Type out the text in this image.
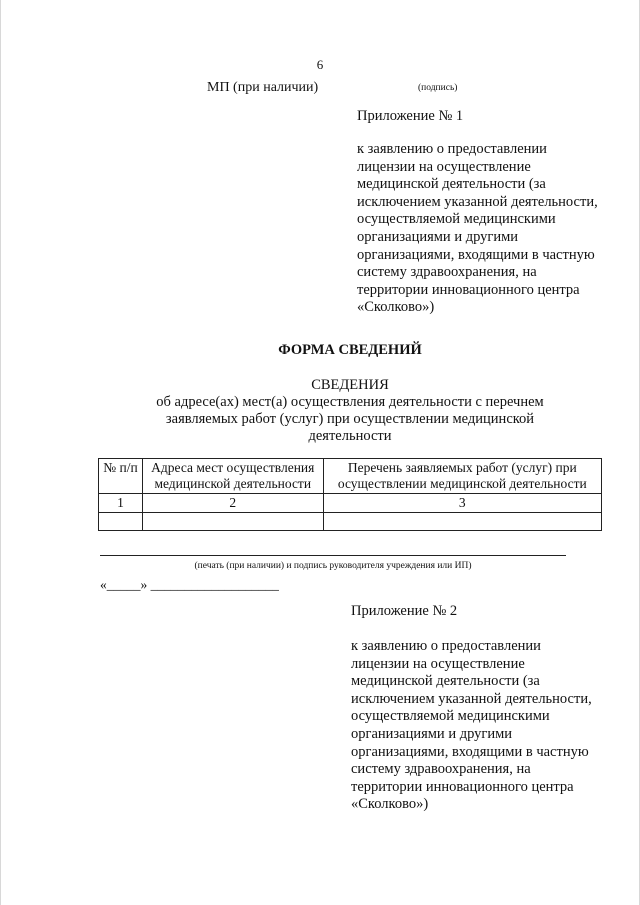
6
МП (при наличии)	(подпись)
Приложение № 1
к заявлению о предоставлении
лицензии на осуществление
медицинской деятельности (за
исключением указанной деятельности,
осуществляемой медицинскими
организациями и другими
организациями, входящими в частную
систему здравоохранения, на
территории инновационного центра
«Сколково»)
ФОРМА СВЕДЕНИЙ
СВЕДЕНИЯ
об адресе(ах) мест(а) осуществления деятельности с перечнем заявляемых работ (услуг) при осуществлении медицинской деятельности
№ п/п	Адреса мест осуществления медицинской деятельности	Перечень заявляемых работ (услуг) при осуществлении медицинской деятельности
1	2	3

(печать (при наличии) и подпись руководителя учреждения или ИП)
«_____» ___________________
Приложение № 2
к заявлению о предоставлении
лицензии на осуществление
медицинской деятельности (за
исключением указанной деятельности,
осуществляемой медицинскими
организациями и другими
организациями, входящими в частную
систему здравоохранения, на
территории инновационного центра
«Сколково»)
